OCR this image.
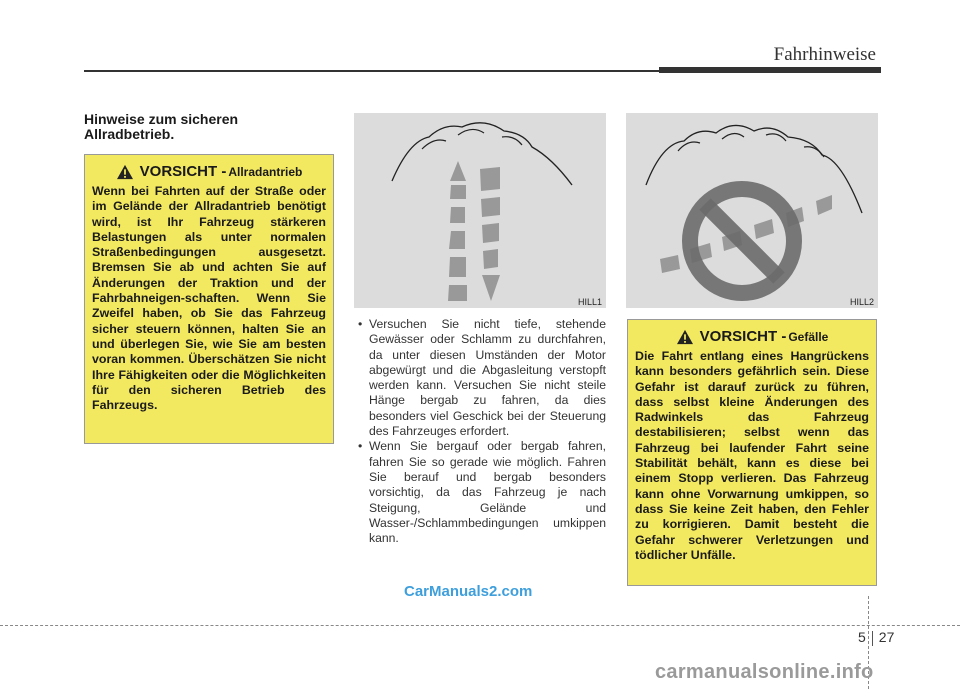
Fahrhinweise
Hinweise zum sicheren Allradbetrieb.
VORSICHT - Allradantrieb

Wenn bei Fahrten auf der Straße oder im Gelände der Allradantrieb benötigt wird, ist Ihr Fahrzeug stärkeren Belastungen als unter normalen Straßenbedingungen ausgesetzt. Bremsen Sie ab und achten Sie auf Änderungen der Traktion und der Fahrbahneigen-schaften. Wenn Sie Zweifel haben, ob Sie das Fahrzeug sicher steuern können, halten Sie an und überlegen Sie, wie Sie am besten voran kommen. Überschätzen Sie nicht Ihre Fähigkeiten oder die Möglichkeiten für den sicheren Betrieb des Fahrzeugs.

HILL1	HILL2
• Versuchen Sie nicht tiefe, stehende Gewässer oder Schlamm zu durchfahren, da unter diesen Umständen der Motor abgewürgt und die Abgasleitung verstopft werden kann. Versuchen Sie nicht steile Hänge bergab zu fahren, da dies besonders viel Geschick bei der Steuerung des Fahrzeuges erfordert.
• Wenn Sie bergauf oder bergab fahren, fahren Sie so gerade wie möglich. Fahren Sie berauf und bergab besonders vorsichtig, da das Fahrzeug je nach Steigung, Gelände und Wasser-/Schlammbedingungen umkippen kann.
VORSICHT - Gefälle

Die Fahrt entlang eines Hangrückens kann besonders gefährlich sein. Diese Gefahr ist darauf zurück zu führen, dass selbst kleine Änderungen des Radwinkels das Fahrzeug destabilisieren; selbst wenn das Fahrzeug bei laufender Fahrt seine Stabilität behält, kann es diese bei einem Stopp verlieren. Das Fahrzeug kann ohne Vorwarnung umkippen, so dass Sie keine Zeit haben, den Fehler zu korrigieren. Damit besteht die Gefahr schwerer Verletzungen und tödlicher Unfälle.

CarManuals2.com
5 27
carmanualsonline.info
